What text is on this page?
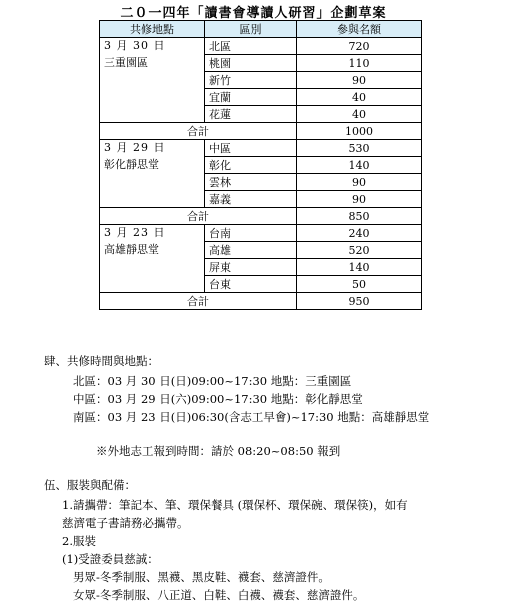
二０一四年「讀書會導讀人研習」企劃草案
共修地點	區別	參與名額

3 月 30 日
三重園區	北區	720
	桃園	110
	新竹	90
	宜蘭	40
	花蓮	40
合計		1000

3 月 29 日
彰化靜思堂	中區	530
	彰化	140
	雲林	90
	嘉義	90
合計		850

3 月 23 日
高雄靜思堂	台南	240
	高雄	520
	屏東	140
	台東	50
合計		950
肆、共修時間與地點：
北區：03 月 30 日(日)09:00~17:30 地點：三重園區
中區：03 月 29 日(六)09:00~17:30 地點：彰化靜思堂
南區：03 月 23 日(日)06:30(含志工早會)~17:30 地點：高雄靜思堂
※外地志工報到時間：請於 08:20~08:50 報到
伍、服裝與配備：
1.請攜帶：筆記本、筆、環保餐具 (環保杯、環保碗、環保筷)，如有
慈濟電子書請務必攜帶。
2.服裝
(1)受證委員慈誠：
男眾-冬季制服、黑襪、黑皮鞋、襪套、慈濟證件。
女眾-冬季制服、八正道、白鞋、白襪、襪套、慈濟證件。
